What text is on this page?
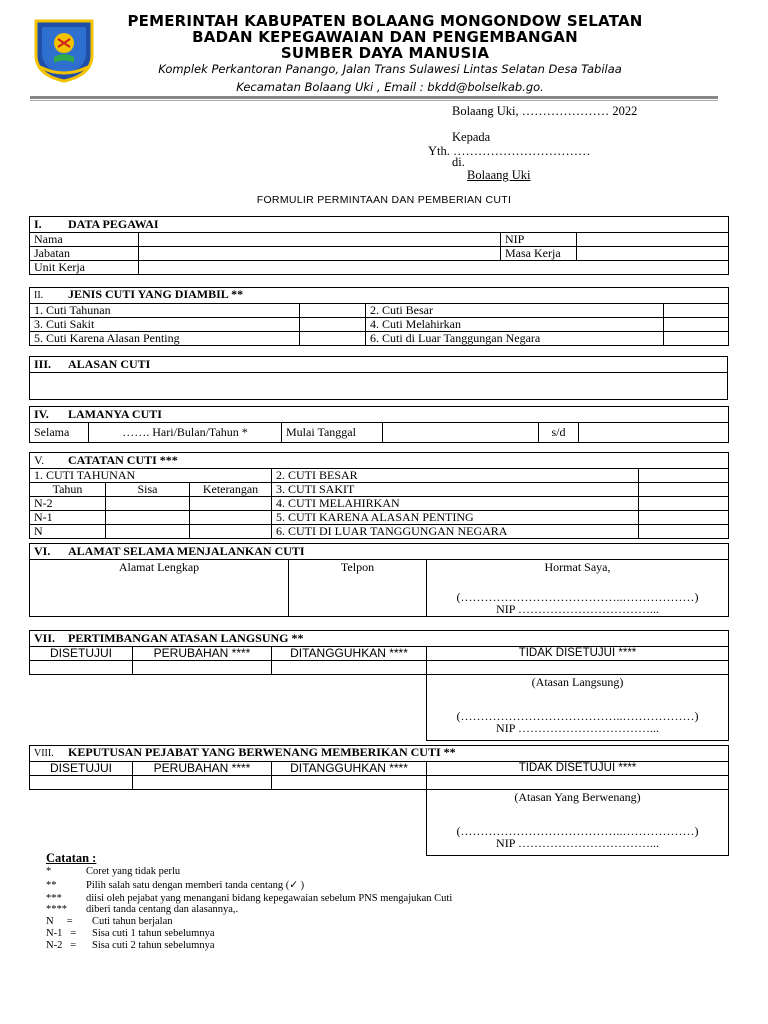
PEMERINTAH KABUPATEN BOLAANG MONGONDOW SELATAN
BADAN KEPEGAWAIAN DAN PENGEMBANGAN
SUMBER DAYA MANUSIA
Komplek Perkantoran Panango, Jalan Trans Sulawesi Lintas Selatan Desa Tabilaa
Kecamatan Bolaang Uki , Email : bkdd@bolselkab.go.
Bolaang Uki, ………………… 2022
Kepada
Yth. ……………………………
di.
Bolaang Uki
FORMULIR PERMINTAAN DAN PEMBERIAN CUTI
I. DATA PEGAWAI			
Nama		NIP	
Jabatan		Masa Kerja	
Unit Kerja			
II. JENIS CUTI YANG DIAMBIL **			
1. Cuti Tahunan		2. Cuti Besar	
3. Cuti Sakit		4. Cuti Melahirkan	
5. Cuti Karena Alasan Penting		6. Cuti di Luar Tanggungan Negara	
III. ALASAN CUTI

IV. LAMANYA CUTI
Selama	……. Hari/Bulan/Tahun *	Mulai Tanggal		s/d	
V. CATATAN CUTI ***				
1. CUTI TAHUNAN			2. CUTI BESAR	
Tahun	Sisa	Keterangan	3. CUTI SAKIT	
N-2			4. CUTI MELAHIRKAN	
N-1			5. CUTI KARENA ALASAN PENTING	
N			6. CUTI DI LUAR TANGGUNGAN NEGARA	
VI. ALAMAT SELAMA MENJALANKAN CUTI		
Alamat Lengkap	Telpon	Hormat Saya,
(…………………………………..………………)
NIP ……………………………...

VII. PERTIMBANGAN ATASAN LANGSUNG **			
DISETUJUI	PERUBAHAN ****	DITANGGUHKAN ****	TIDAK DISETUJUI ****

			(Atasan Langsung)
(…………………………………..………………)
NIP ……………………………...
VIII. KEPUTUSAN PEJABAT YANG BERWENANG MEMBERIKAN CUTI **			
DISETUJUI	PERUBAHAN ****	DITANGGUHKAN ****	TIDAK DISETUJUI ****

			(Atasan Yang Berwenang)
(…………………………………..………………)
NIP ……………………………...
Catatan :
*	Coret yang tidak perlu
**	Pilih salah satu dengan memberi tanda centang (✓ )
*** diisi oleh pejabat yang menangani bidang kepegawaian sebelum PNS mengajukan Cuti
**** diberi tanda centang dan alasannya,.
N     = Cuti tahun berjalan
N-1   = Sisa cuti 1 tahun sebelumnya
N-2   = Sisa cuti 2 tahun sebelumnya
